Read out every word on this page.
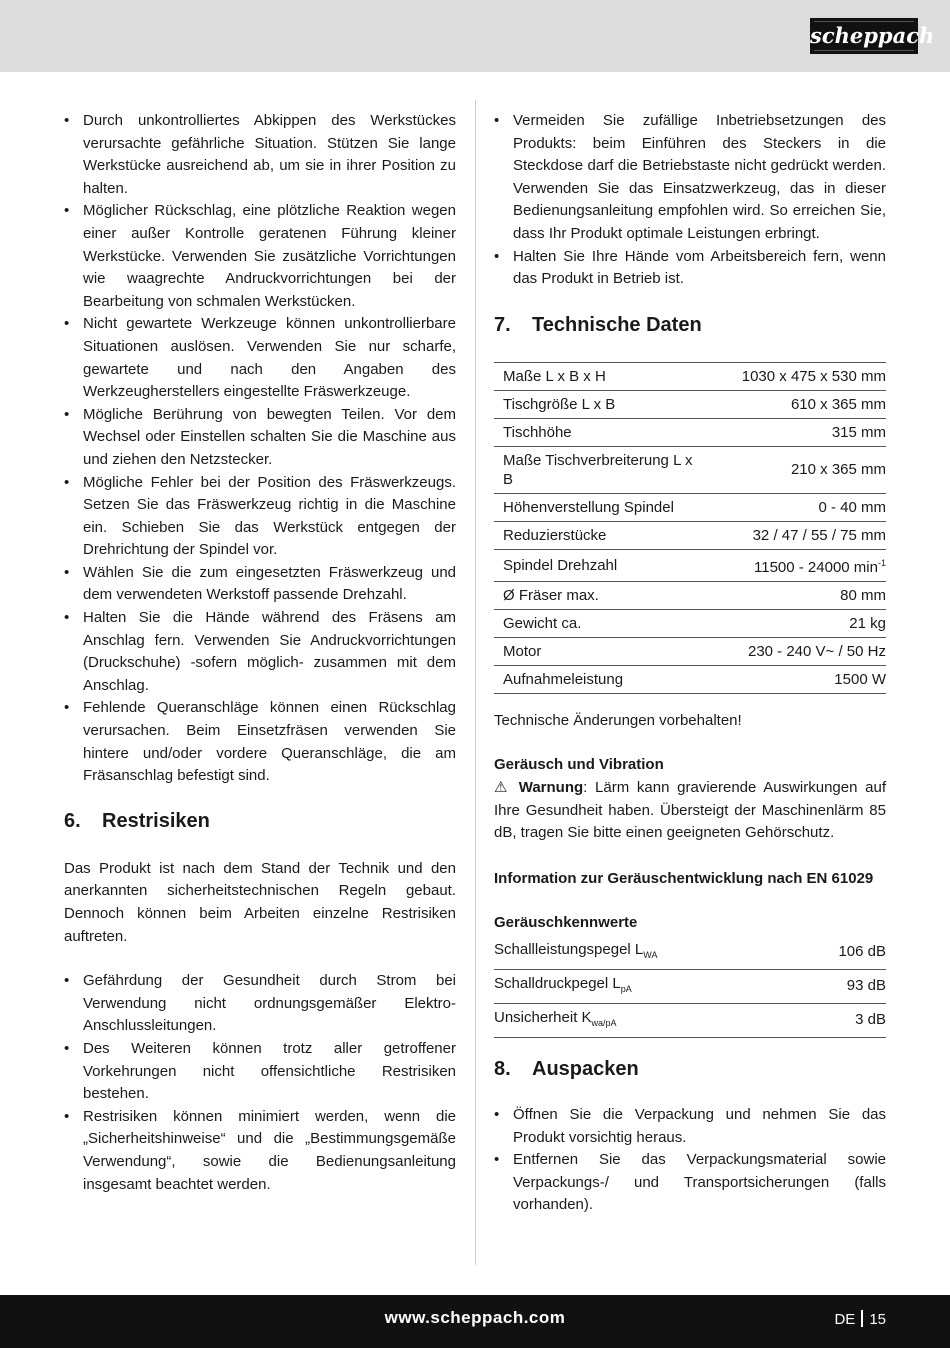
scheppach
• Durch unkontrolliertes Abkippen des Werkstückes verursachte gefährliche Situation. Stützen Sie lange Werkstücke ausreichend ab, um sie in ihrer Position zu halten.
• Möglicher Rückschlag, eine plötzliche Reaktion wegen einer außer Kontrolle geratenen Führung kleiner Werkstücke. Verwenden Sie zusätzliche Vorrichtungen wie waagrechte Andruckvorrichtungen bei der Bearbeitung von schmalen Werkstücken.
• Nicht gewartete Werkzeuge können unkontrollierbare Situationen auslösen. Verwenden Sie nur scharfe, gewartete und nach den Angaben des Werkzeugherstellers eingestellte Fräswerkzeuge.
• Mögliche Berührung von bewegten Teilen. Vor dem Wechsel oder Einstellen schalten Sie die Maschine aus und ziehen den Netzstecker.
• Mögliche Fehler bei der Position des Fräswerkzeugs. Setzen Sie das Fräswerkzeug richtig in die Maschine ein. Schieben Sie das Werkstück entgegen der Drehrichtung der Spindel vor.
• Wählen Sie die zum eingesetzten Fräswerkzeug und dem verwendeten Werkstoff passende Drehzahl.
• Halten Sie die Hände während des Fräsens am Anschlag fern. Verwenden Sie Andruckvorrichtungen (Druckschuhe) -sofern möglich- zusammen mit dem Anschlag.
• Fehlende Queranschläge können einen Rückschlag verursachen. Beim Einsetzfräsen verwenden Sie hintere und/oder vordere Queranschläge, die am Fräsanschlag befestigt sind.
6. Restrisiken

Das Produkt ist nach dem Stand der Technik und den anerkannten sicherheitstechnischen Regeln gebaut. Dennoch können beim Arbeiten einzelne Restrisiken auftreten.

• Gefährdung der Gesundheit durch Strom bei Verwendung nicht ordnungsgemäßer Elektro-Anschlussleitungen.
• Des Weiteren können trotz aller getroffener Vorkehrungen nicht offensichtliche Restrisiken bestehen.
• Restrisiken können minimiert werden, wenn die „Sicherheitshinweise“ und die „Bestimmungsgemäße Verwendung“, sowie die Bedienungsanleitung insgesamt beachtet werden.
• Vermeiden Sie zufällige Inbetriebsetzungen des Produkts: beim Einführen des Steckers in die Steckdose darf die Betriebstaste nicht gedrückt werden. Verwenden Sie das Einsatzwerkzeug, das in dieser Bedienungsanleitung empfohlen wird. So erreichen Sie, dass Ihr Produkt optimale Leistungen erbringt.
• Halten Sie Ihre Hände vom Arbeitsbereich fern, wenn das Produkt in Betrieb ist.
7. Technische Daten
Maße L x B x H	1030 x 475 x 530 mm
Tischgröße L x B	610 x 365 mm
Tischhöhe	315 mm
Maße Tischverbreiterung L x B	210 x 365 mm
Höhenverstellung Spindel	0 - 40 mm
Reduzierstücke	32 / 47 / 55 / 75 mm
Spindel Drehzahl	11500 - 24000 $\min^{-1}$
Ø Fräser max.	80 mm
Gewicht ca.	21 kg
Motor	230 - 240 V~ / 50 Hz
Aufnahmeleistung	1500 W

Technische Änderungen vorbehalten!

Geräusch und Vibration

⚠ Warnung: Lärm kann gravierende Auswirkungen auf Ihre Gesundheit haben. Übersteigt der Maschinenlärm 85 dB, tragen Sie bitte einen geeigneten Gehörschutz.

Information zur Geräuschentwicklung nach EN 61029

Geräuschkennwerte

Schallleistungspegel $L_{WA}$	106 dB
Schalldruckpegel $L_{pA}$	93 dB
Unsicherheit $K_{wa/pA}$	3 dB
8. Auspacken
• Öffnen Sie die Verpackung und nehmen Sie das Produkt vorsichtig heraus.
• Entfernen Sie das Verpackungsmaterial sowie Verpackungs-/ und Transportsicherungen (falls vorhanden).
www.scheppach.com	DE 15
